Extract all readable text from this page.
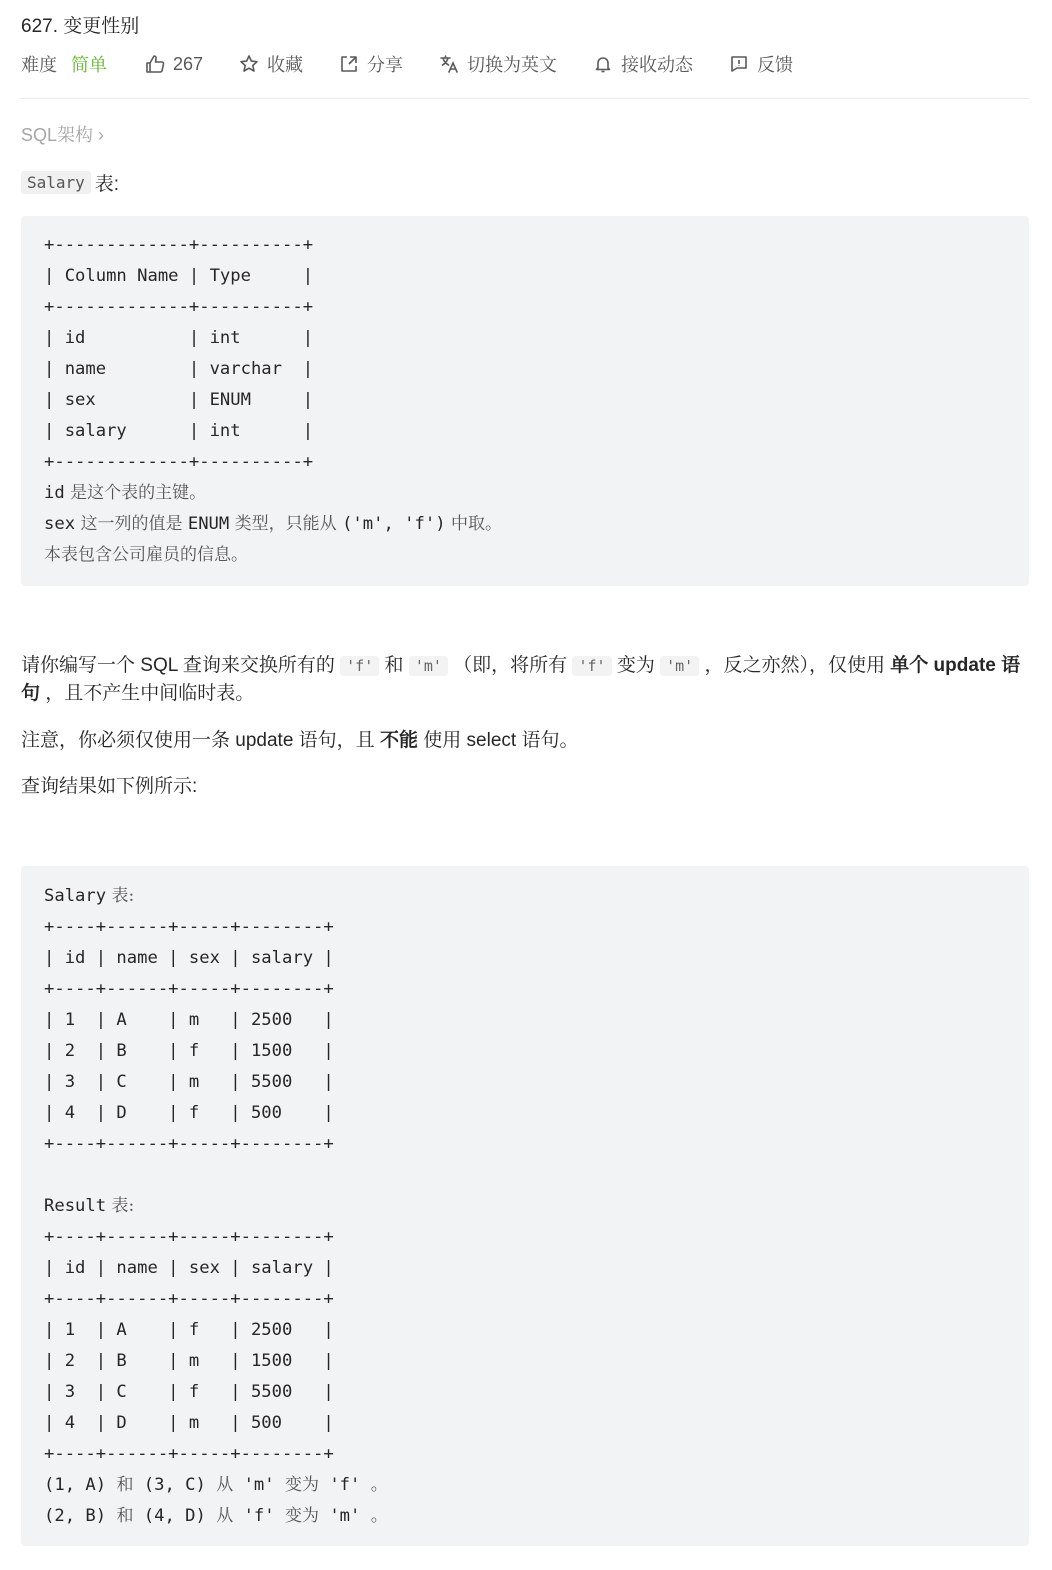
627. 变更性别
难度 简单	267	收藏	分享	切换为英文	接收动态	反馈
SQL架构 ›
Salary 表:
+-------------+----------+
| Column Name | Type     |
+-------------+----------+
| id          | int      |
| name        | varchar  |
| sex         | ENUM     |
| salary      | int      |
+-------------+----------+
id 是这个表的主键。
sex 这一列的值是 ENUM 类型，只能从 ('m', 'f') 中取。
本表包含公司雇员的信息。
请你编写一个 SQL 查询来交换所有的 'f' 和 'm' （即，将所有 'f' 变为 'm' ，反之亦然），仅使用 单个 update 语句 ，且不产生中间临时表。
注意，你必须仅使用一条 update 语句，且 不能 使用 select 语句。
查询结果如下例所示:
Salary 表:
+----+------+-----+--------+
| id | name | sex | salary |
+----+------+-----+--------+
| 1  | A    | m   | 2500   |
| 2  | B    | f   | 1500   |
| 3  | C    | m   | 5500   |
| 4  | D    | f   | 500    |
+----+------+-----+--------+

Result 表:
+----+------+-----+--------+
| id | name | sex | salary |
+----+------+-----+--------+
| 1  | A    | f   | 2500   |
| 2  | B    | m   | 1500   |
| 3  | C    | f   | 5500   |
| 4  | D    | m   | 500    |
+----+------+-----+--------+
(1, A) 和 (3, C) 从 'm' 变为 'f' 。
(2, B) 和 (4, D) 从 'f' 变为 'm' 。
